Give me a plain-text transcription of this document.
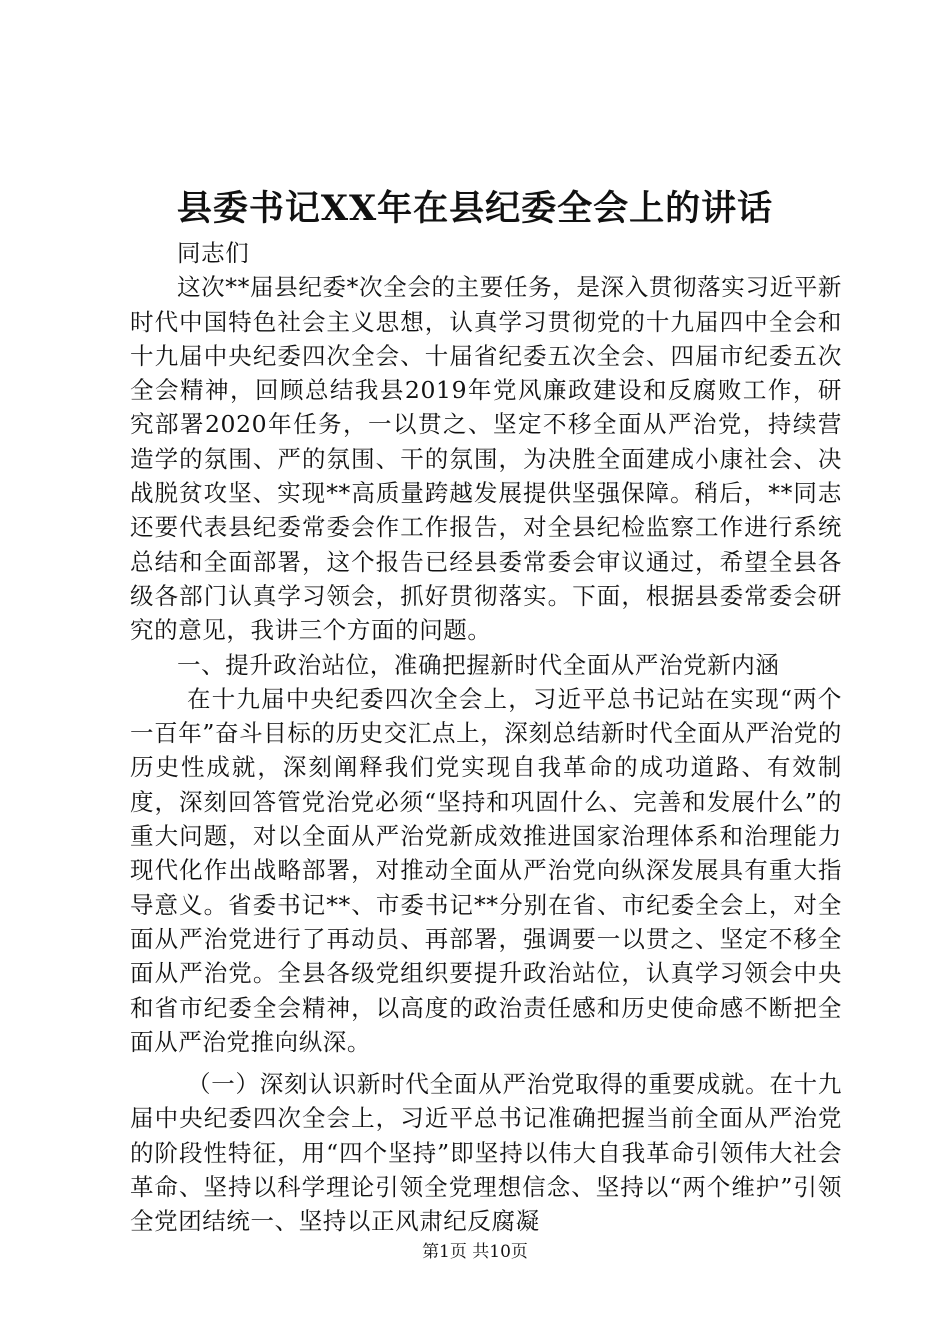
县委书记XX年在县纪委全会上的讲话

同志们

这次**届县纪委*次全会的主要任务，是深入贯彻落实习近平新时代中国特色社会主义思想，认真学习贯彻党的十九届四中全会和十九届中央纪委四次全会、十届省纪委五次全会、四届市纪委五次全会精神，回顾总结我县2019年党风廉政建设和反腐败工作，研究部署2020年任务，一以贯之、坚定不移全面从严治党，持续营造学的氛围、严的氛围、干的氛围，为决胜全面建成小康社会、决战脱贫攻坚、实现**高质量跨越发展提供坚强保障。稍后，**同志还要代表县纪委常委会作工作报告，对全县纪检监察工作进行系统总结和全面部署，这个报告已经县委常委会审议通过，希望全县各级各部门认真学习领会，抓好贯彻落实。下面，根据县委常委会研究的意见，我讲三个方面的问题。

一、提升政治站位，准确把握新时代全面从严治党新内涵

在十九届中央纪委四次全会上，习近平总书记站在实现“两个一百年”奋斗目标的历史交汇点上，深刻总结新时代全面从严治党的历史性成就，深刻阐释我们党实现自我革命的成功道路、有效制度，深刻回答管党治党必须“坚持和巩固什么、完善和发展什么”的重大问题，对以全面从严治党新成效推进国家治理体系和治理能力现代化作出战略部署，对推动全面从严治党向纵深发展具有重大指导意义。省委书记**、市委书记**分别在省、市纪委全会上，对全面从严治党进行了再动员、再部署，强调要一以贯之、坚定不移全面从严治党。全县各级党组织要提升政治站位，认真学习领会中央和省市纪委全会精神，以高度的政治责任感和历史使命感不断把全面从严治党推向纵深。

（一）深刻认识新时代全面从严治党取得的重要成就。在十九届中央纪委四次全会上，习近平总书记准确把握当前全面从严治党的阶段性特征，用“四个坚持”即坚持以伟大自我革命引领伟大社会革命、坚持以科学理论引领全党理想信念、坚持以“两个维护”引领全党团结统一、坚持以正风肃纪反腐凝

第1页 共10页
